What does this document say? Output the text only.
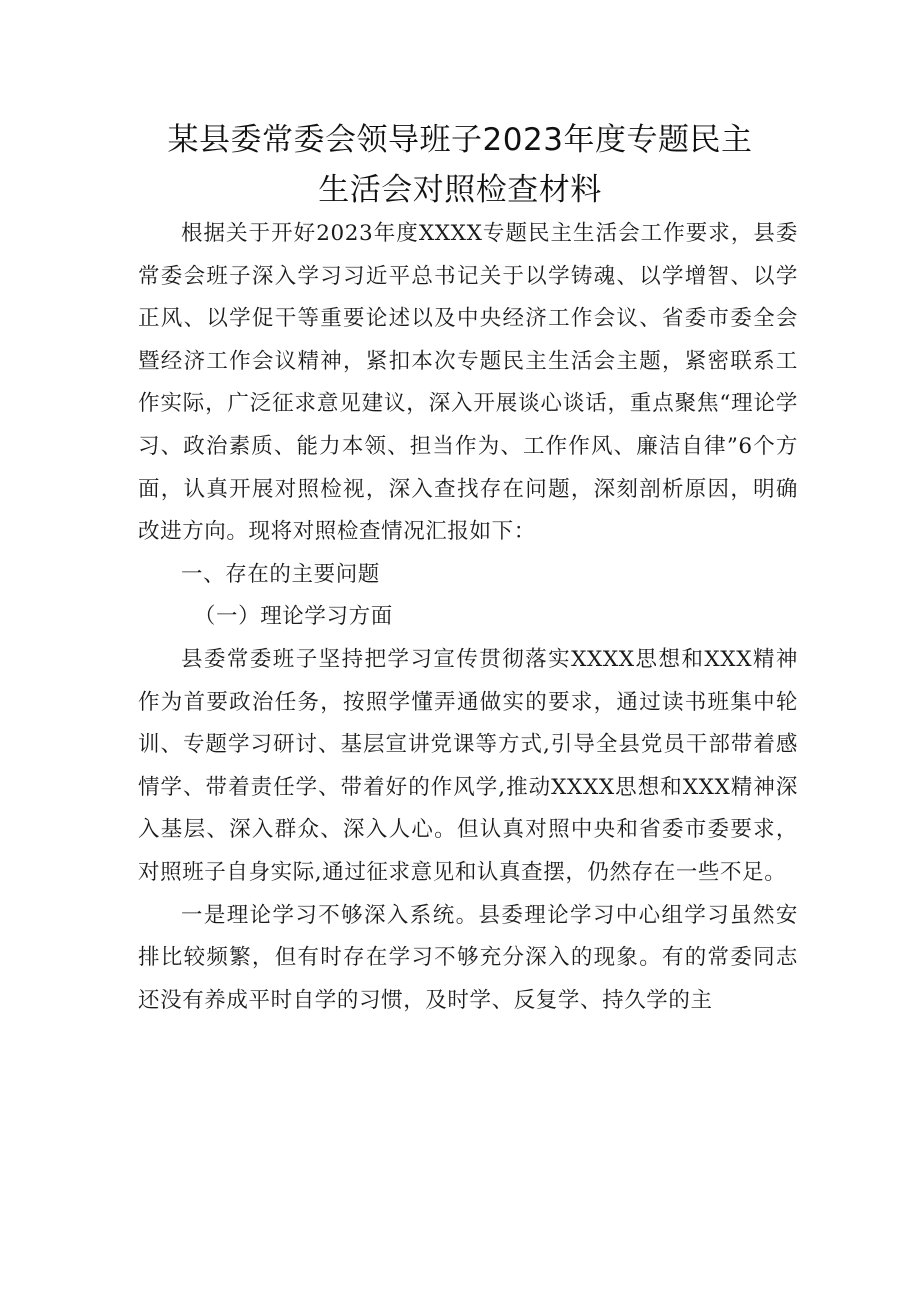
某县委常委会领导班子2023年度专题民主
生活会对照检查材料

根据关于开好2023年度XXXX专题民主生活会工作要求，县委常委会班子深入学习习近平总书记关于以学铸魂、以学增智、以学正风、以学促干等重要论述以及中央经济工作会议、省委市委全会暨经济工作会议精神，紧扣本次专题民主生活会主题，紧密联系工作实际，广泛征求意见建议，深入开展谈心谈话，重点聚焦“理论学习、政治素质、能力本领、担当作为、工作作风、廉洁自律”6个方面，认真开展对照检视，深入查找存在问题，深刻剖析原因，明确改进方向。现将对照检查情况汇报如下：

一、存在的主要问题

（一）理论学习方面

县委常委班子坚持把学习宣传贯彻落实XXXX思想和XXX精神作为首要政治任务，按照学懂弄通做实的要求，通过读书班集中轮训、专题学习研讨、基层宣讲党课等方式,引导全县党员干部带着感情学、带着责任学、带着好的作风学,推动XXXX思想和XXX精神深入基层、深入群众、深入人心。但认真对照中央和省委市委要求，对照班子自身实际,通过征求意见和认真查摆，仍然存在一些不足。

一是理论学习不够深入系统。县委理论学习中心组学习虽然安排比较频繁，但有时存在学习不够充分深入的现象。有的常委同志还没有养成平时自学的习惯，及时学、反复学、持久学的主
